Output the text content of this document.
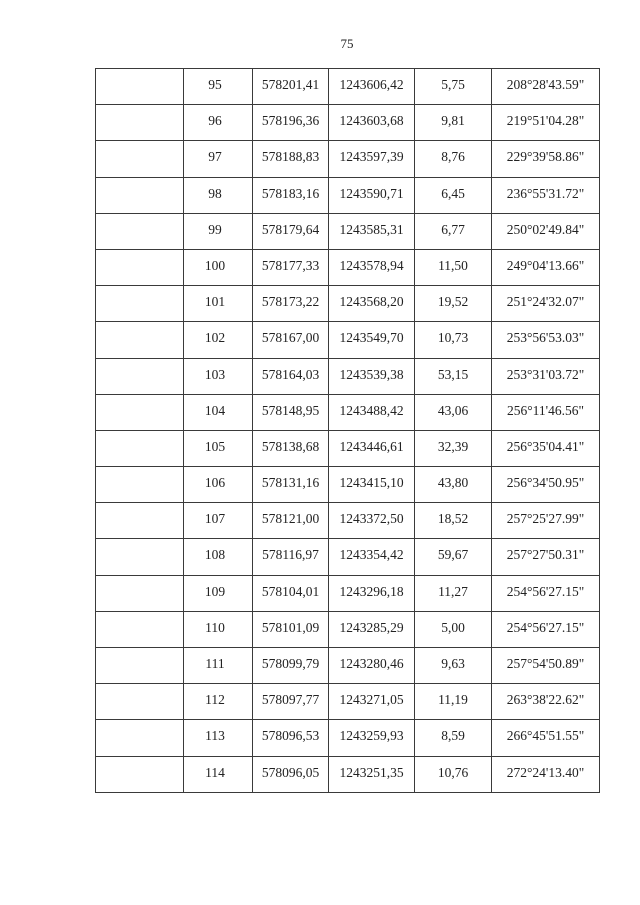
75
	95	578201,41	1243606,42	5,75	208°28'43.59"
	96	578196,36	1243603,68	9,81	219°51'04.28"
	97	578188,83	1243597,39	8,76	229°39'58.86"
	98	578183,16	1243590,71	6,45	236°55'31.72"
	99	578179,64	1243585,31	6,77	250°02'49.84"
	100	578177,33	1243578,94	11,50	249°04'13.66"
	101	578173,22	1243568,20	19,52	251°24'32.07"
	102	578167,00	1243549,70	10,73	253°56'53.03"
	103	578164,03	1243539,38	53,15	253°31'03.72"
	104	578148,95	1243488,42	43,06	256°11'46.56"
	105	578138,68	1243446,61	32,39	256°35'04.41"
	106	578131,16	1243415,10	43,80	256°34'50.95"
	107	578121,00	1243372,50	18,52	257°25'27.99"
	108	578116,97	1243354,42	59,67	257°27'50.31"
	109	578104,01	1243296,18	11,27	254°56'27.15"
	110	578101,09	1243285,29	5,00	254°56'27.15"
	111	578099,79	1243280,46	9,63	257°54'50.89"
	112	578097,77	1243271,05	11,19	263°38'22.62"
	113	578096,53	1243259,93	8,59	266°45'51.55"
	114	578096,05	1243251,35	10,76	272°24'13.40"
